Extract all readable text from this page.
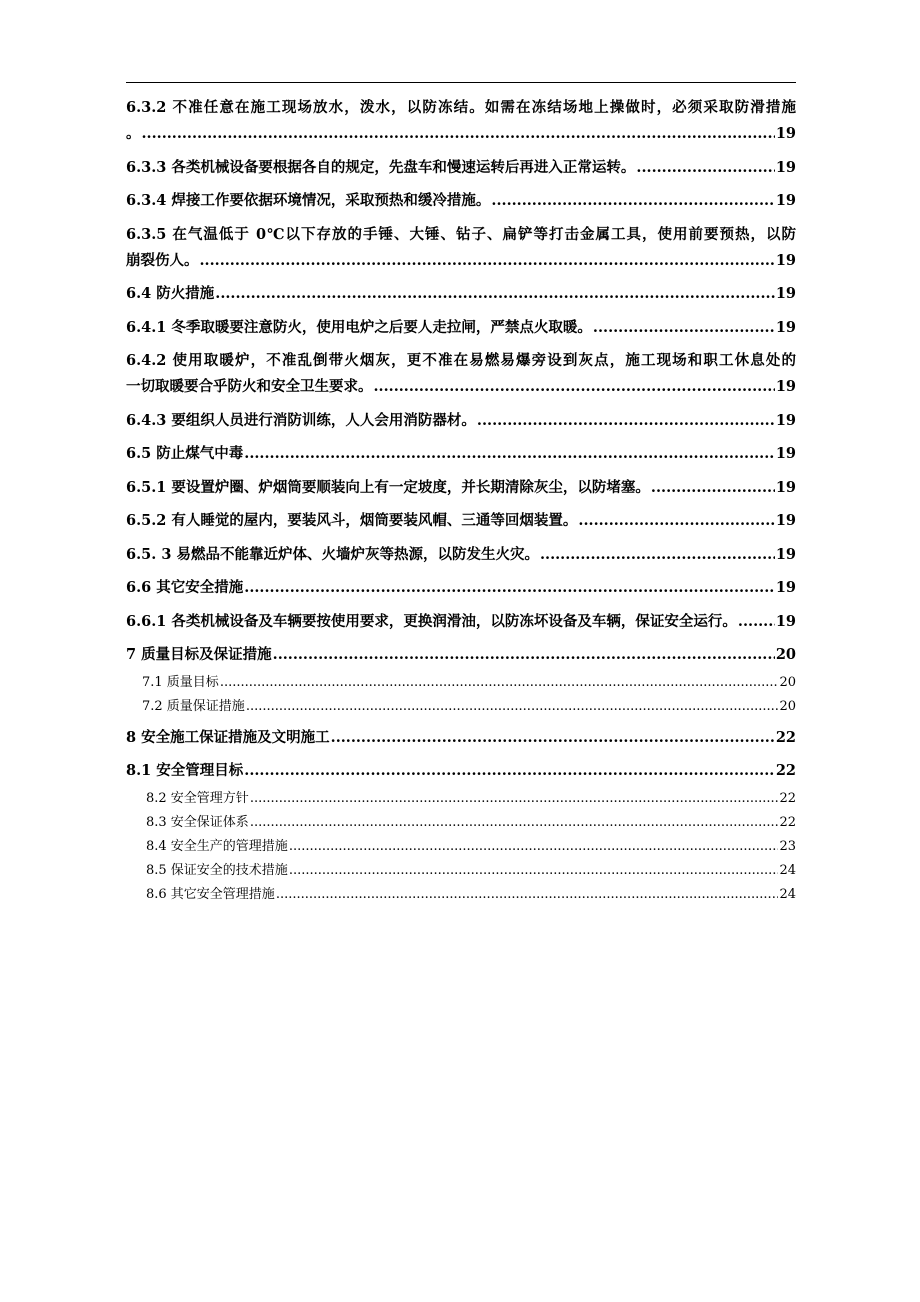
6.3.2 不准任意在施工现场放水，泼水，以防冻结。如需在冻结场地上操做时，必须采取防滑措施
。 .....	19
6.3.3 各类机械设备要根据各自的规定，先盘车和慢速运转后再进入正常运转。 .....	19
6.3.4 焊接工作要依据环境情况，采取预热和缓冷措施。 .....	19
6.3.5 在气温低于 0℃以下存放的手锤、大锤、钻子、扁铲等打击金属工具，使用前要预热，以防
崩裂伤人。 .....	19
6.4 防火措施 .....	19
6.4.1 冬季取暖要注意防火，使用电炉之后要人走拉闸，严禁点火取暖。 .....	19
6.4.2 使用取暖炉，不准乱倒带火烟灰，更不准在易燃易爆旁设到灰点，施工现场和职工休息处的
一切取暖要合乎防火和安全卫生要求。 .....	19
6.4.3 要组织人员进行消防训练，人人会用消防器材。 .....	19
6.5 防止煤气中毒 .....	19
6.5.1 要设置炉圈、炉烟筒要顺装向上有一定坡度，并长期清除灰尘，以防堵塞。 .....	19
6.5.2 有人睡觉的屋内，要装风斗，烟筒要装风帽、三通等回烟装置。 .....	19
6.5. 3 易燃品不能靠近炉体、火墙炉灰等热源，以防发生火灾。 .....	19
6.6 其它安全措施 .....	19
6.6.1 各类机械设备及车辆要按使用要求，更换润滑油，以防冻坏设备及车辆，保证安全运行。 .....	19
7 质量目标及保证措施 .....	20
7.1 质量目标 .....	20
7.2 质量保证措施 .....	20
8 安全施工保证措施及文明施工 .....	22
8.1 安全管理目标 .....	22
8.2 安全管理方针 .....	22
8.3 安全保证体系 .....	22
8.4 安全生产的管理措施 .....	23
8.5 保证安全的技术措施 .....	24
8.6 其它安全管理措施 .....	24
